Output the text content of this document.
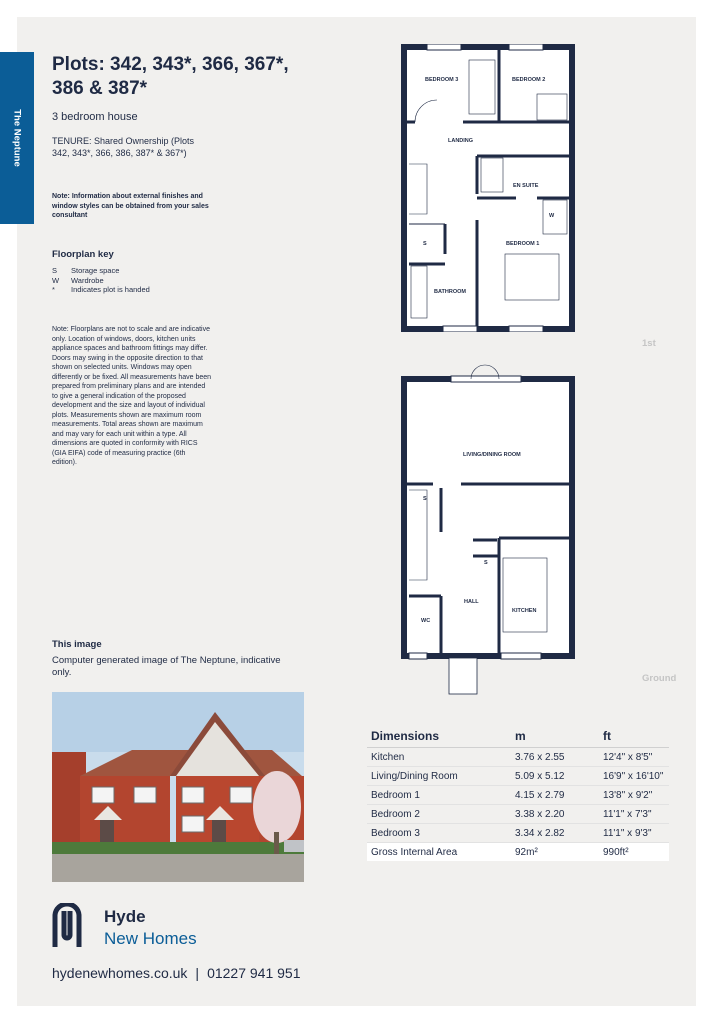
The Neptune
Plots: 342, 343*, 366, 367*, 386 & 387*
3 bedroom house
TENURE: Shared Ownership (Plots 342, 343*, 366, 386, 387* & 367*)
Note: Information about external finishes and window styles can be obtained from your sales consultant
Floorplan key
S	Storage space
W	Wardrobe
*	Indicates plot is handed
Note: Floorplans are not to scale and are indicative only. Location of windows, doors, kitchen units appliance spaces and bathroom fittings may differ. Doors may swing in the opposite direction to that shown on selected units. Windows may open differently or be fixed. All measurements have been prepared from preliminary plans and are intended to give a general indication of the proposed development and the size and layout of individual plots. Measurements shown are maximum room measurements. Total areas shown are maximum and may vary for each unit within a type. All dimensions are quoted in conformity with RICS (GIA EIFA) code of measuring practice (6th edition).
This image
Computer generated image of The Neptune, indicative only.
Hyde
New Homes
hydenewhomes.co.uk | 01227 941 951
BEDROOM 3	BEDROOM 2
LANDING
EN SUITE
BEDROOM 1
BATHROOM
S
W
1st
LIVING/DINING ROOM
S
S
HALL
KITCHEN
WC
Ground
Dimensions	m	ft
Kitchen	3.76 x 2.55	12'4" x 8'5"
Living/Dining Room	5.09 x 5.12	16'9" x 16'10"
Bedroom 1	4.15 x 2.79	13'8" x 9'2"
Bedroom 2	3.38 x 2.20	11'1" x 7'3"
Bedroom 3	3.34 x 2.82	11'1" x 9'3"
Gross Internal Area	92m²	990ft²
